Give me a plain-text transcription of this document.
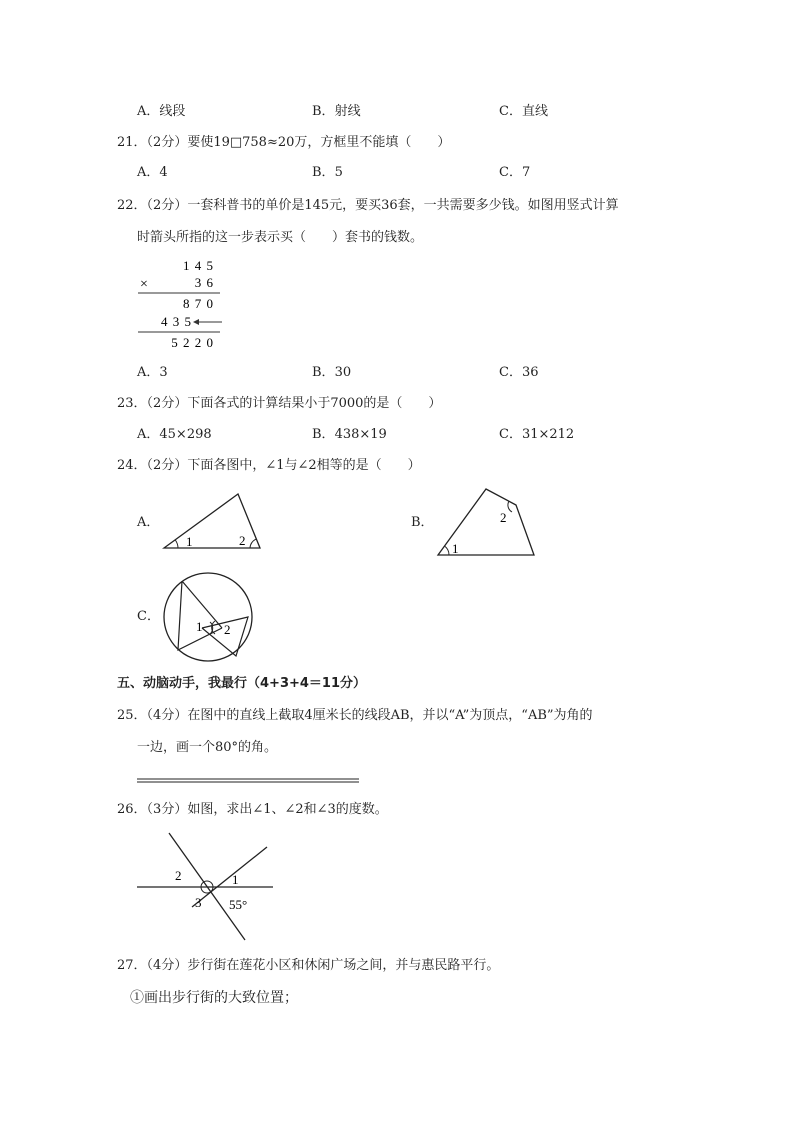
A．线段	B．射线	C．直线
21．（2分）要使19□758≈20万，方框里不能填（　　）
A．4	B．5	C．7
22．（2分）一套科普书的单价是145元，要买36套，一共需要多少钱。如图用竖式计算
时箭头所指的这一步表示买（　　）套书的钱数。
1 4 5
×	3 6
8 7 0
4 3 5
5 2 2 0
A．3	B．30	C．36
23．（2分）下面各式的计算结果小于7000的是（　　）
A．45×298	B．438×19	C．31×212
24．（2分）下面各图中，∠1与∠2相等的是（　　）
A．
1	2
B．
1
2
C．
1 2
五、动脑动手，我最行（4+3+4＝11分）
25．（4分）在图中的直线上截取4厘米长的线段AB，并以“A”为顶点，“AB”为角的
一边，画一个80°的角。
26．（3分）如图，求出∠1、∠2和∠3的度数。
2	1
3 55°
27．（4分）步行街在莲花小区和休闲广场之间，并与惠民路平行。
①画出步行街的大致位置；
